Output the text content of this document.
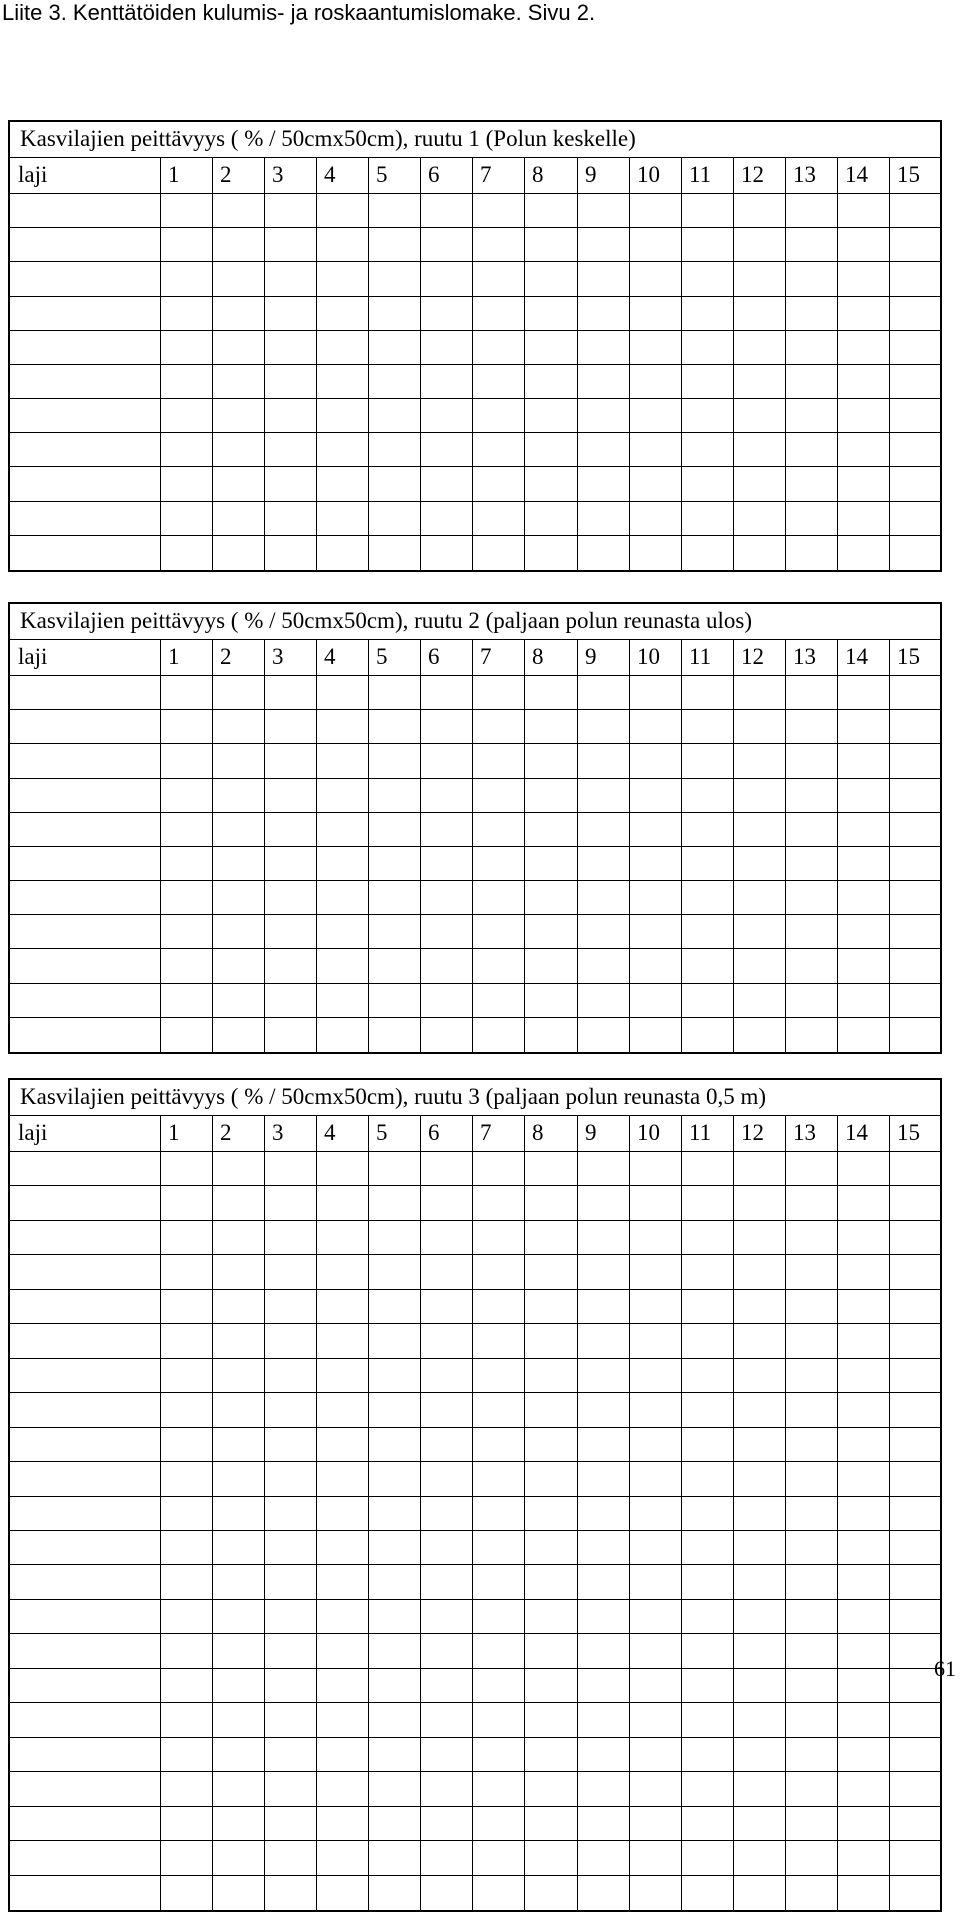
Liite 3. Kenttätöiden kulumis- ja roskaantumislomake. Sivu 2.
Kasvilajien peittävyys ( % / 50cmx50cm), ruutu 1 (Polun keskelle)
laji	1	2	3	4	5	6	7	8	9	10	11	12	13	14	15
Kasvilajien peittävyys ( % / 50cmx50cm), ruutu 2 (paljaan polun reunasta ulos)
laji	1	2	3	4	5	6	7	8	9	10	11	12	13	14	15
Kasvilajien peittävyys ( % / 50cmx50cm), ruutu 3 (paljaan polun reunasta 0,5 m)
laji	1	2	3	4	5	6	7	8	9	10	11	12	13	14	15
61
